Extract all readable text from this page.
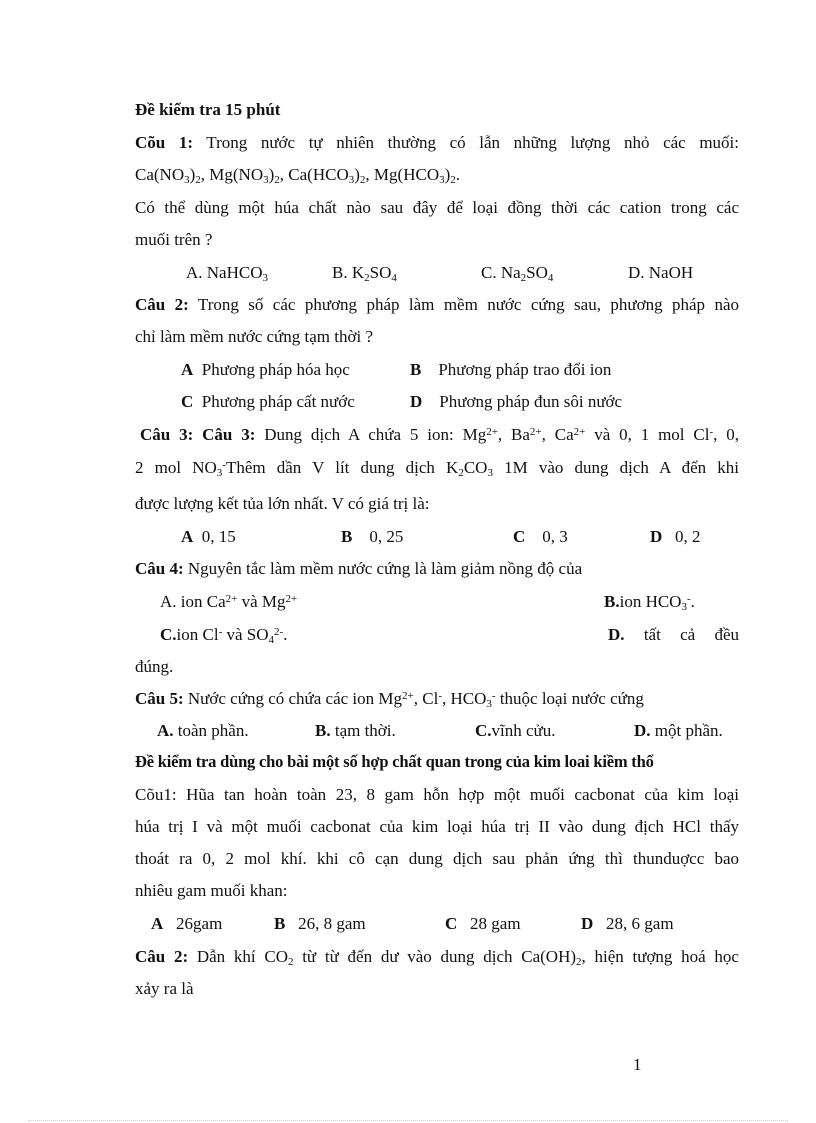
Đề kiểm tra 15 phút
Cõu 1: Trong nước tự nhiên thường có lẫn những lượng nhỏ các muối:
$Ca(NO_3)_2$, $Mg(NO_3)_2$, $Ca(HCO_3)_2$, $Mg(HCO_3)_2$.
Có thể dùng một húa chất nào sau đây để loại đồng thời các cation trong các
muối trên ?
A. NaHCO$_3$	B. $K_2SO_4$	C. $Na_2SO_4$	D. NaOH
Câu 2: Trong số các phương pháp làm mềm nước cứng sau, phương pháp nào
chỉ làm mềm nước cứng tạm thời ?
A Phương pháp hóa học	B Phương pháp trao đổi ion
C Phương pháp cất nước	D Phương pháp đun sôi nước
Câu 3: Câu 3: Dung dịch A chứa 5 ion: $Mg^{2+}$, $Ba^{2+}$, $Ca^{2+}$ và 0, 1 mol Cl-, 0,
2 mol $NO_3^-Thêm$ dần V lít dung dịch $K_2CO_3$ 1M vào dung dịch A đến khi
được lượng kết tủa lớn nhất. V có giá trị là:
A 0, 15	B 0, 25	C 0, 3	D 0, 2
Câu 4: Nguyên tắc làm mềm nước cứng là làm giảm nồng độ của
A. ion $Ca^{2+}$ và $Mg^{2+}$	B.ion $HCO_3^-$.
C.ion Cl- và $SO_4^{2-}$.	D. tất cả đều
đúng.
Câu 5: Nước cứng có chứa các ion $Mg^{2+}$, Cl-, $HCO_3^-$ thuộc loại nước cứng
A. toàn phần.	B. tạm thời.	C.vĩnh cửu.	D. một phần.
Đề kiểm tra dùng cho bài một số hợp chất quan trong của kim loai kiềm thổ
Cõu1: Hũa tan hoàn toàn 23, 8 gam hỗn hợp một muối cacbonat của kim loại
húa trị I và một muối cacbonat của kim loại húa trị II vào dung địch HCl thấy
thoát ra 0, 2 mol khí. khi cô cạn dung dịch sau phản ứng thì thunduợcc bao
nhiêu gam muối khan:
A 26gam	B 26, 8 gam	C 28 gam	D 28, 6 gam
Câu 2: Dẫn khí $CO_2$ từ từ đến dư vào dung dịch $Ca(OH)_2$, hiện tượng hoá học
xảy ra là
1
